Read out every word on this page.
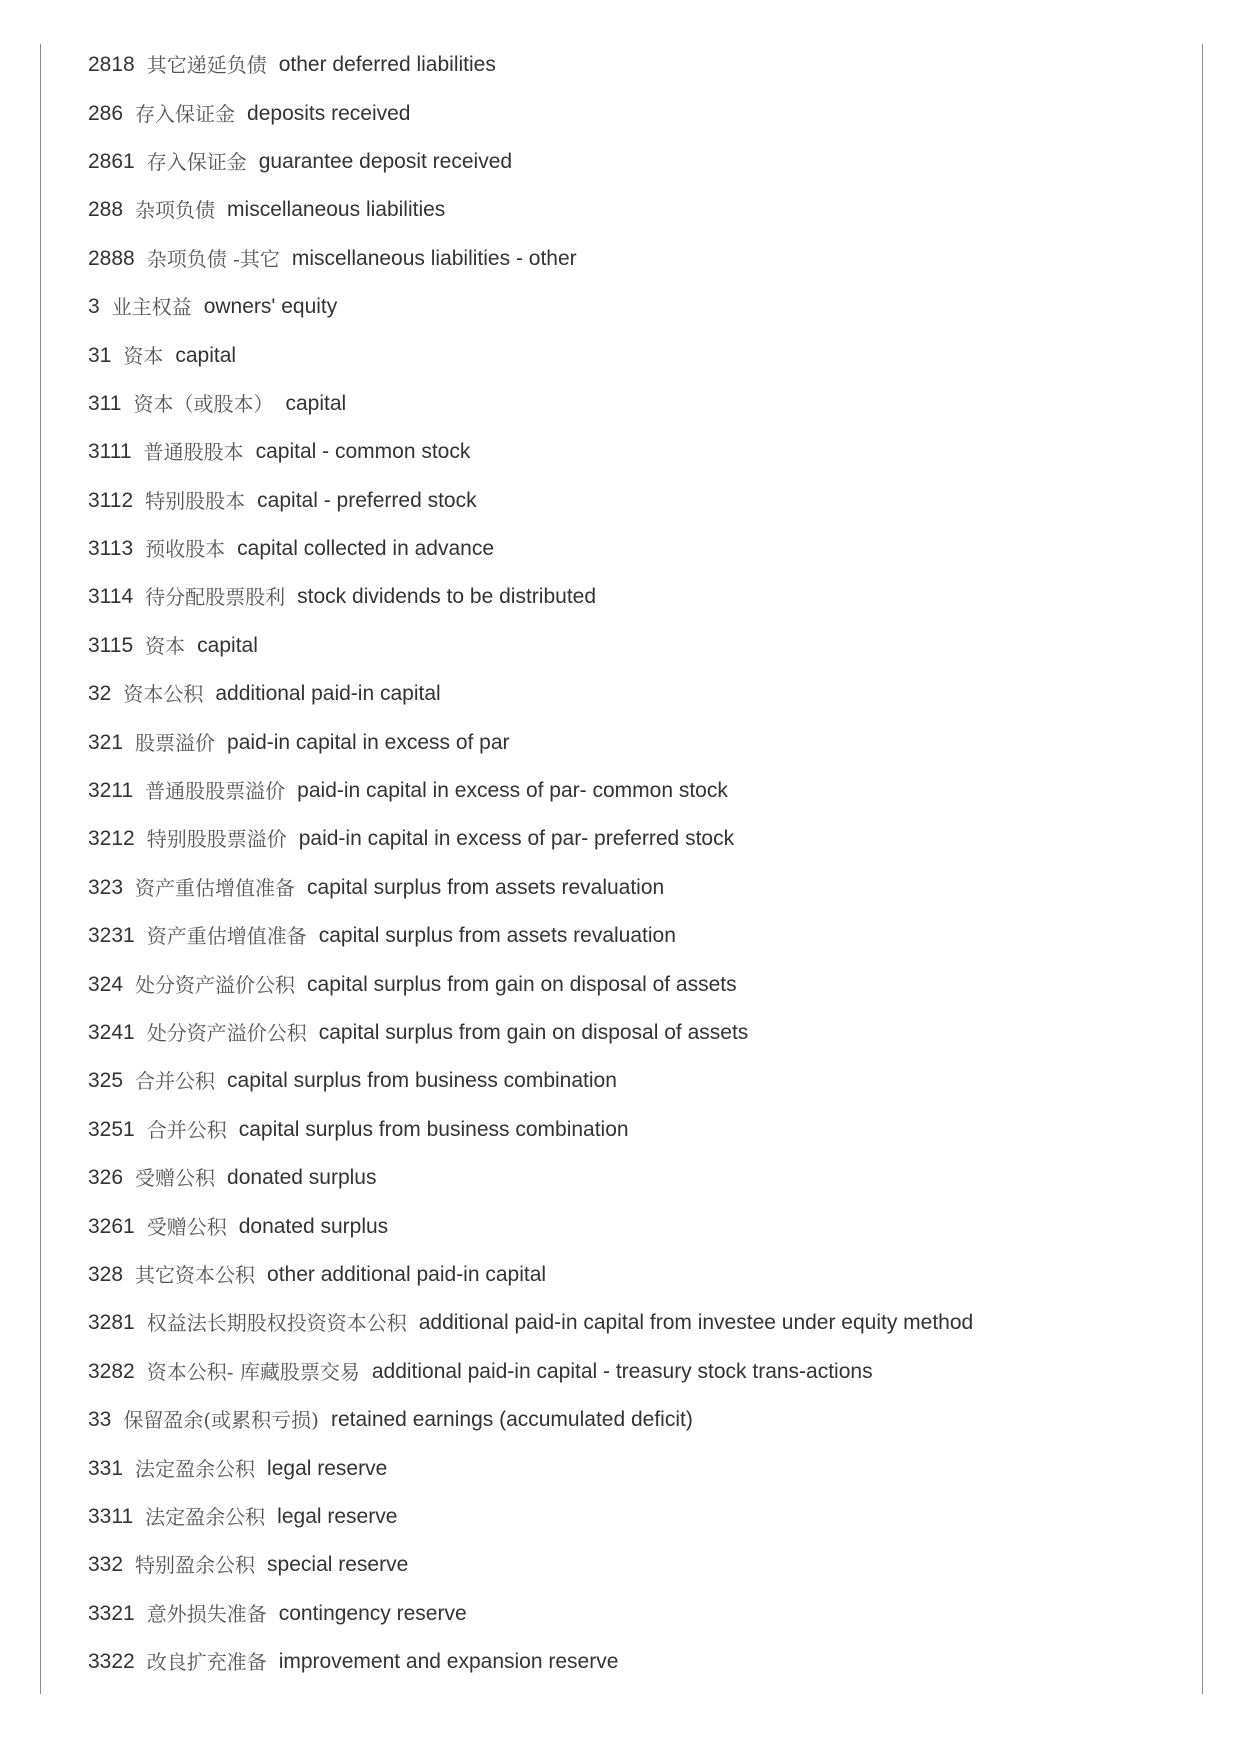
2818 其它递延负债 other deferred liabilities
286 存入保证金 deposits received
2861 存入保证金 guarantee deposit received
288 杂项负债 miscellaneous liabilities
2888 杂项负债 -其它 miscellaneous liabilities - other
3 业主权益 owners' equity
31 资本 capital
311 资本（或股本） capital
3111 普通股股本 capital - common stock
3112 特别股股本 capital - preferred stock
3113 预收股本 capital collected in advance
3114 待分配股票股利 stock dividends to be distributed
3115 资本 capital
32 资本公积 additional paid-in capital
321 股票溢价 paid-in capital in excess of par
3211 普通股股票溢价 paid-in capital in excess of par- common stock
3212 特别股股票溢价 paid-in capital in excess of par- preferred stock
323 资产重估增值准备 capital surplus from assets revaluation
3231 资产重估增值准备 capital surplus from assets revaluation
324 处分资产溢价公积 capital surplus from gain on disposal of assets
3241 处分资产溢价公积 capital surplus from gain on disposal of assets
325 合并公积 capital surplus from business combination
3251 合并公积 capital surplus from business combination
326 受赠公积 donated surplus
3261 受赠公积 donated surplus
328 其它资本公积 other additional paid-in capital
3281 权益法长期股权投资资本公积 additional paid-in capital from investee under equity method
3282 资本公积- 库藏股票交易 additional paid-in capital - treasury stock trans-actions
33 保留盈余(或累积亏损) retained earnings (accumulated deficit)
331 法定盈余公积 legal reserve
3311 法定盈余公积 legal reserve
332 特别盈余公积 special reserve
3321 意外损失准备 contingency reserve
3322 改良扩充准备 improvement and expansion reserve
